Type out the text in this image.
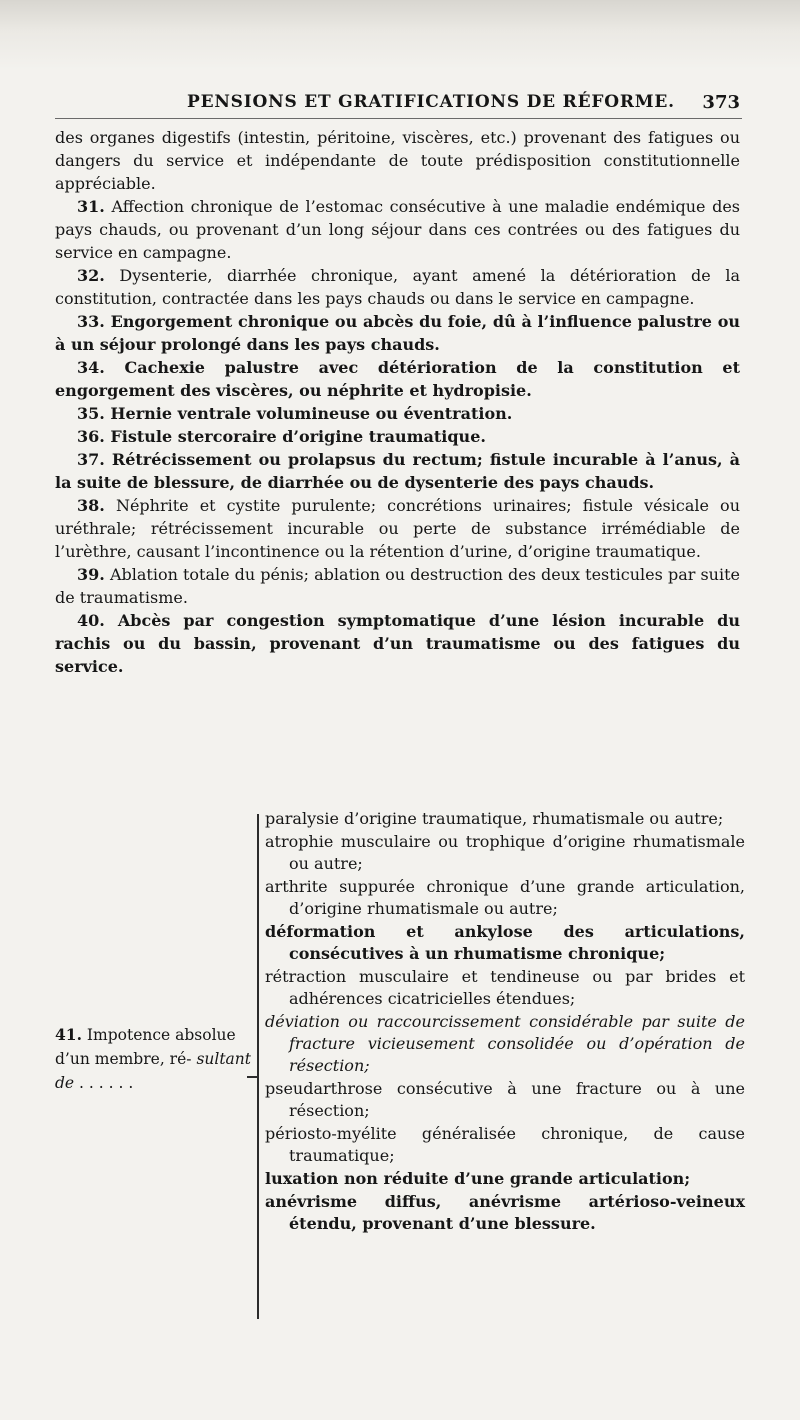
PENSIONS ET GRATIFICATIONS DE RÉFORME. 373

des organes digestifs (intestin, péritoine, viscères, etc.) provenant des fatigues ou dangers du service et indépendante de toute prédisposition constitutionnelle appréciable.

31. Affection chronique de l’estomac consécutive à une maladie endémique des pays chauds, ou provenant d’un long séjour dans ces contrées ou des fatigues du service en campagne.

32. Dysenterie, diarrhée chronique, ayant amené la détérioration de la constitution, contractée dans les pays chauds ou dans le service en campagne.

33. Engorgement chronique ou abcès du foie, dû à l’influence palustre ou à un séjour prolongé dans les pays chauds.

34. Cachexie palustre avec détérioration de la constitution et engorgement des viscères, ou néphrite et hydropisie.

35. Hernie ventrale volumineuse ou éventration.

36. Fistule stercoraire d’origine traumatique.

37. Rétrécissement ou prolapsus du rectum; fistule incurable à l’anus, à la suite de blessure, de diarrhée ou de dysenterie des pays chauds.

38. Néphrite et cystite purulente; concrétions urinaires; fistule vésicale ou uréthrale; rétrécissement incurable ou perte de substance irrémédiable de l’urèthre, causant l’incontinence ou la rétention d’urine, d’origine traumatique.

39. Ablation totale du pénis; ablation ou destruction des deux testicules par suite de traumatisme.

40. Abcès par congestion symptomatique d’une lésion incurable du rachis ou du bassin, provenant d’un traumatisme ou des fatigues du service.

41. Impotence absolue d’un membre, ré- sultant de . . . . . .

paralysie d’origine traumatique, rhumatismale ou autre;

atrophie musculaire ou trophique d’origine rhumatismale ou autre;

arthrite suppurée chronique d’une grande articulation, d’origine rhumatismale ou autre;

déformation et ankylose des articulations, consécutives à un rhumatisme chronique;

rétraction musculaire et tendineuse ou par brides et adhérences cicatricielles étendues;

déviation ou raccourcissement considérable par suite de fracture vicieusement consolidée ou d’opération de résection;

pseudarthrose consécutive à une fracture ou à une résection;

périosto-myélite généralisée chronique, de cause traumatique;

luxation non réduite d’une grande articulation;

anévrisme diffus, anévrisme artérioso-veineux étendu, provenant d’une blessure.
